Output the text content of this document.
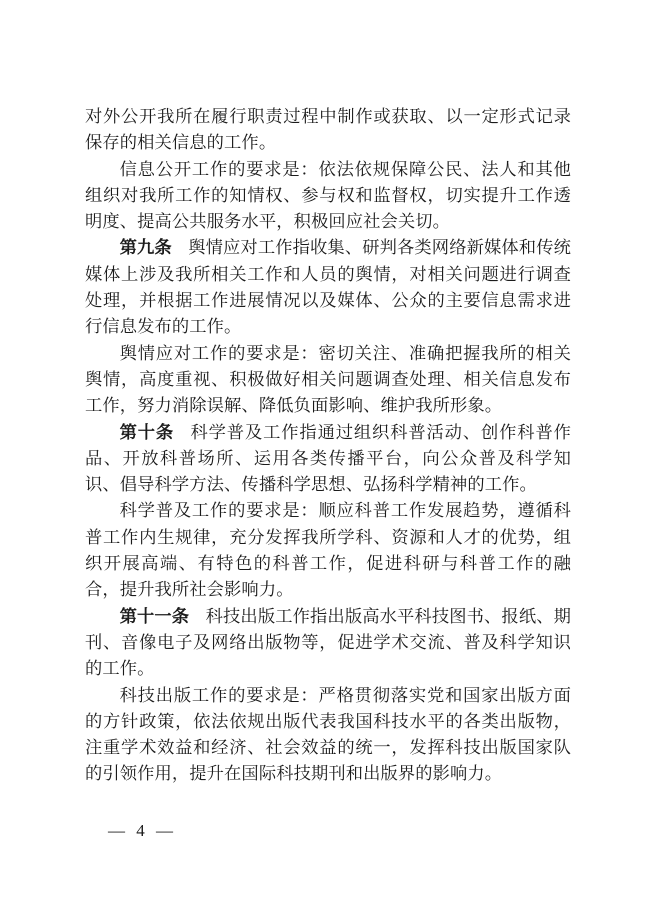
对外公开我所在履行职责过程中制作或获取、以一定形式记录保存的相关信息的工作。

信息公开工作的要求是：依法依规保障公民、法人和其他组织对我所工作的知情权、参与权和监督权，切实提升工作透明度、提高公共服务水平，积极回应社会关切。

第九条 舆情应对工作指收集、研判各类网络新媒体和传统媒体上涉及我所相关工作和人员的舆情，对相关问题进行调查处理，并根据工作进展情况以及媒体、公众的主要信息需求进行信息发布的工作。

舆情应对工作的要求是：密切关注、准确把握我所的相关舆情，高度重视、积极做好相关问题调查处理、相关信息发布工作，努力消除误解、降低负面影响、维护我所形象。

第十条 科学普及工作指通过组织科普活动、创作科普作品、开放科普场所、运用各类传播平台，向公众普及科学知识、倡导科学方法、传播科学思想、弘扬科学精神的工作。

科学普及工作的要求是：顺应科普工作发展趋势，遵循科普工作内生规律，充分发挥我所学科、资源和人才的优势，组织开展高端、有特色的科普工作，促进科研与科普工作的融合，提升我所社会影响力。

第十一条 科技出版工作指出版高水平科技图书、报纸、期刊、音像电子及网络出版物等，促进学术交流、普及科学知识的工作。

科技出版工作的要求是：严格贯彻落实党和国家出版方面的方针政策，依法依规出版代表我国科技水平的各类出版物，注重学术效益和经济、社会效益的统一，发挥科技出版国家队的引领作用，提升在国际科技期刊和出版界的影响力。

— 4 —
